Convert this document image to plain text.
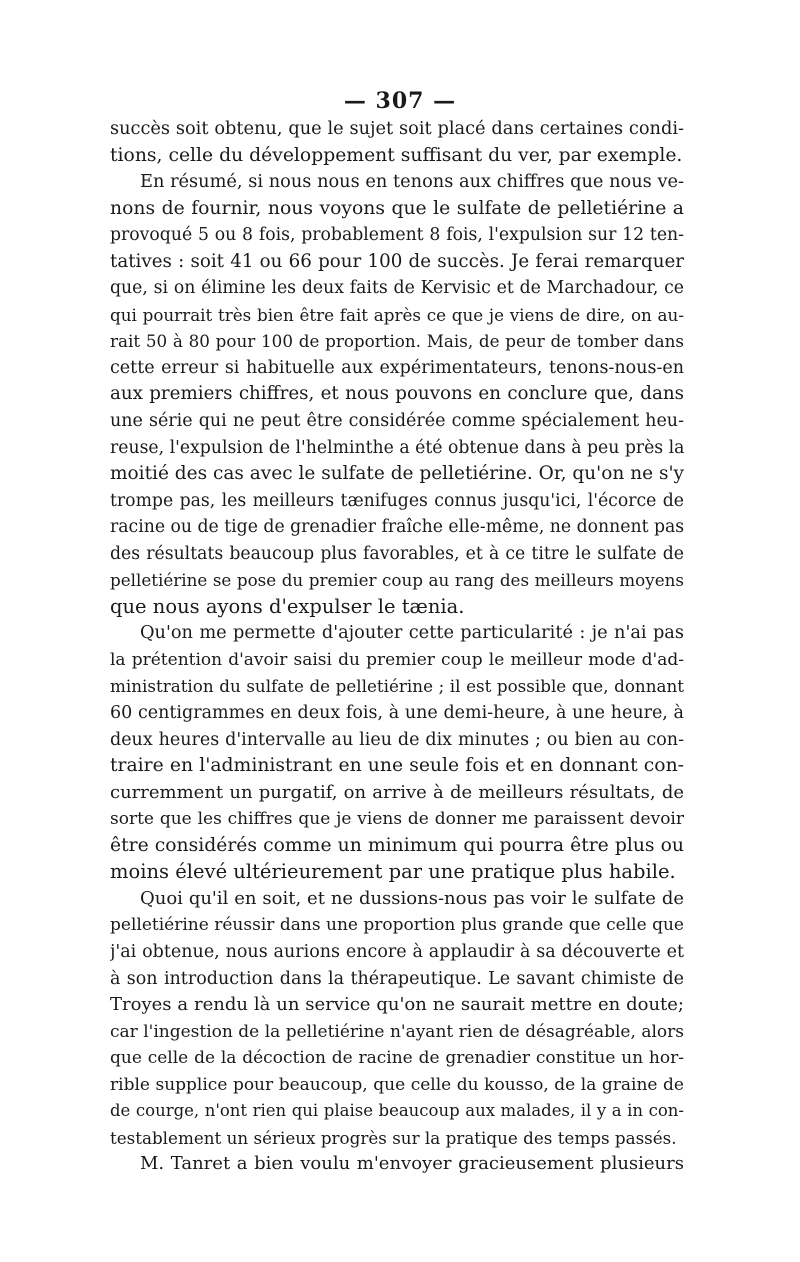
— 307 —
succès soit obtenu, que le sujet soit placé dans certaines condi-
tions, celle du développement suffisant du ver, par exemple.
En résumé, si nous nous en tenons aux chiffres que nous ve-
nons de fournir, nous voyons que le sulfate de pelletiérine a
provoqué 5 ou 8 fois, probablement 8 fois, l'expulsion sur 12 ten-
tatives : soit 41 ou 66 pour 100 de succès. Je ferai remarquer
que, si on élimine les deux faits de Kervisic et de Marchadour, ce
qui pourrait très bien être fait après ce que je viens de dire, on au-
rait 50 à 80 pour 100 de proportion. Mais, de peur de tomber dans
cette erreur si habituelle aux expérimentateurs, tenons-nous-en
aux premiers chiffres, et nous pouvons en conclure que, dans
une série qui ne peut être considérée comme spécialement heu-
reuse, l'expulsion de l'helminthe a été obtenue dans à peu près la
moitié des cas avec le sulfate de pelletiérine. Or, qu'on ne s'y
trompe pas, les meilleurs tænifuges connus jusqu'ici, l'écorce de
racine ou de tige de grenadier fraîche elle-même, ne donnent pas
des résultats beaucoup plus favorables, et à ce titre le sulfate de
pelletiérine se pose du premier coup au rang des meilleurs moyens
que nous ayons d'expulser le tænia.
Qu'on me permette d'ajouter cette particularité : je n'ai pas
la prétention d'avoir saisi du premier coup le meilleur mode d'ad-
ministration du sulfate de pelletiérine ; il est possible que, donnant
60 centigrammes en deux fois, à une demi-heure, à une heure, à
deux heures d'intervalle au lieu de dix minutes ; ou bien au con-
traire en l'administrant en une seule fois et en donnant con-
curremment un purgatif, on arrive à de meilleurs résultats, de
sorte que les chiffres que je viens de donner me paraissent devoir
être considérés comme un minimum qui pourra être plus ou
moins élevé ultérieurement par une pratique plus habile.
Quoi qu'il en soit, et ne dussions-nous pas voir le sulfate de
pelletiérine réussir dans une proportion plus grande que celle que
j'ai obtenue, nous aurions encore à applaudir à sa découverte et
à son introduction dans la thérapeutique. Le savant chimiste de
Troyes a rendu là un service qu'on ne saurait mettre en doute;
car l'ingestion de la pelletiérine n'ayant rien de désagréable, alors
que celle de la décoction de racine de grenadier constitue un hor-
rible supplice pour beaucoup, que celle du kousso, de la graine de
de courge, n'ont rien qui plaise beaucoup aux malades, il y a in con-
testablement un sérieux progrès sur la pratique des temps passés.
M. Tanret a bien voulu m'envoyer gracieusement plusieurs
